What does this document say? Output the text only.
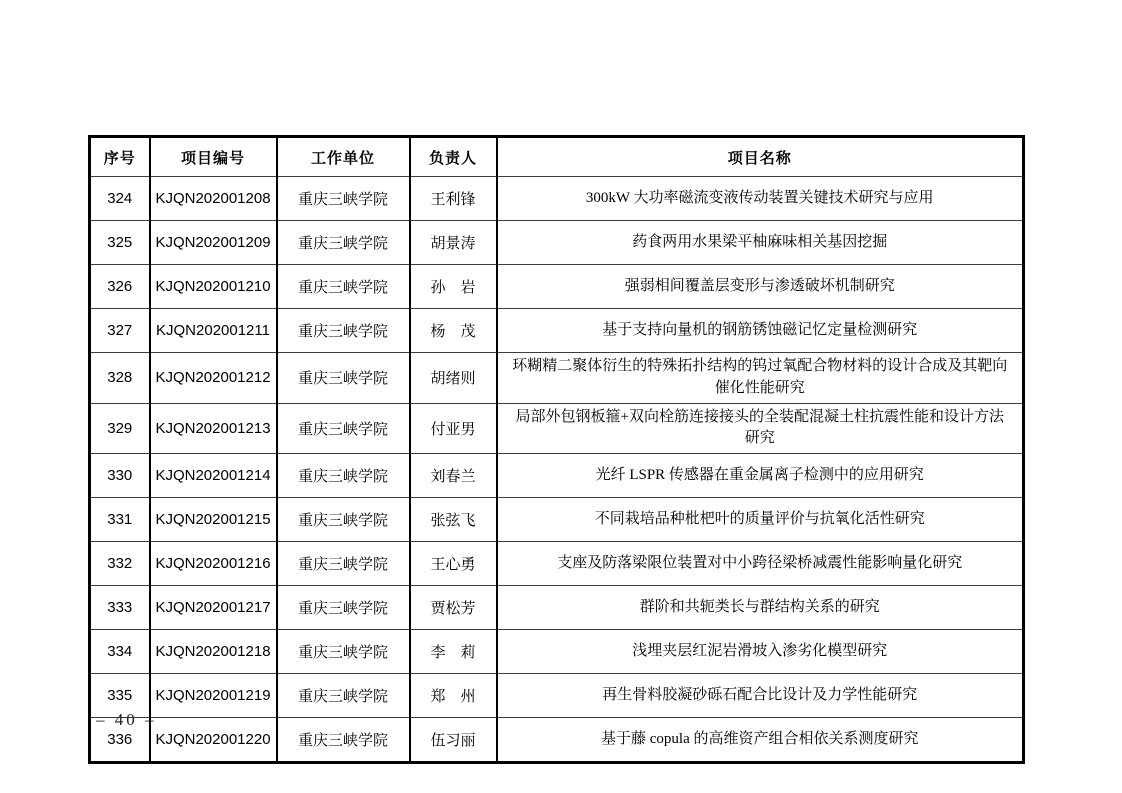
序号	项目编号	工作单位	负责人	项目名称
324	KJQN202001208	重庆三峡学院	王利锋	300kW 大功率磁流变液传动装置关键技术研究与应用
325	KJQN202001209	重庆三峡学院	胡景涛	药食两用水果梁平柚麻味相关基因挖掘
326	KJQN202001210	重庆三峡学院	孙　岩	强弱相间覆盖层变形与渗透破坏机制研究
327	KJQN202001211	重庆三峡学院	杨　茂	基于支持向量机的钢筋锈蚀磁记忆定量检测研究
328	KJQN202001212	重庆三峡学院	胡绪则	环糊精二聚体衍生的特殊拓扑结构的钨过氧配合物材料的设计合成及其靶向催化性能研究
329	KJQN202001213	重庆三峡学院	付亚男	局部外包钢板箍+双向栓筋连接接头的全装配混凝土柱抗震性能和设计方法研究
330	KJQN202001214	重庆三峡学院	刘春兰	光纤 LSPR 传感器在重金属离子检测中的应用研究
331	KJQN202001215	重庆三峡学院	张弦飞	不同栽培品种枇杷叶的质量评价与抗氧化活性研究
332	KJQN202001216	重庆三峡学院	王心勇	支座及防落梁限位装置对中小跨径梁桥减震性能影响量化研究
333	KJQN202001217	重庆三峡学院	贾松芳	群阶和共轭类长与群结构关系的研究
334	KJQN202001218	重庆三峡学院	李　莉	浅埋夹层红泥岩滑坡入渗劣化模型研究
335	KJQN202001219	重庆三峡学院	郑　州	再生骨料胶凝砂砾石配合比设计及力学性能研究
336	KJQN202001220	重庆三峡学院	伍习丽	基于藤 copula 的高维资产组合相依关系测度研究
– 40 –
